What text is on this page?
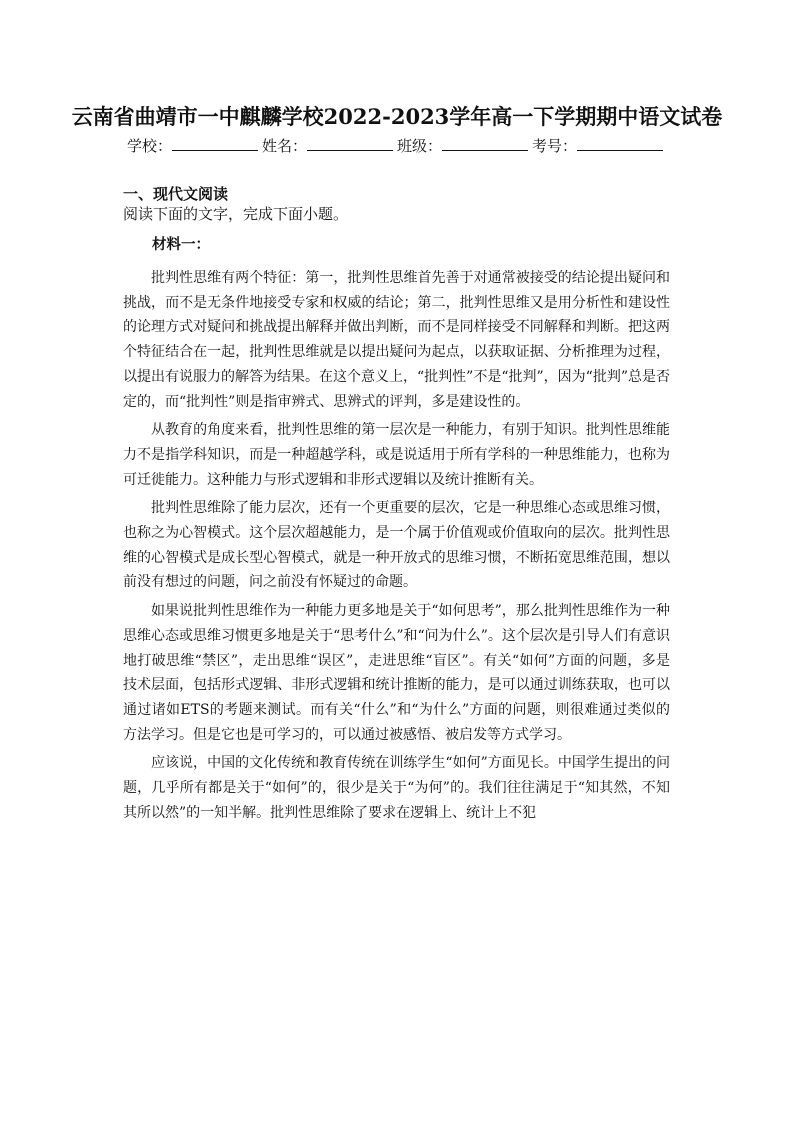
云南省曲靖市一中麒麟学校2022-2023学年高一下学期期中语文试卷
学校：	姓名：	班级：	考号：
一、现代文阅读
阅读下面的文字，完成下面小题。
材料一：

批判性思维有两个特征：第一，批判性思维首先善于对通常被接受的结论提出疑问和挑战，而不是无条件地接受专家和权威的结论；第二，批判性思维又是用分析性和建设性的论理方式对疑问和挑战提出解释并做出判断，而不是同样接受不同解释和判断。把这两个特征结合在一起，批判性思维就是以提出疑问为起点，以获取证据、分析推理为过程，以提出有说服力的解答为结果。在这个意义上，“批判性”不是“批判”，因为“批判”总是否定的，而“批判性”则是指审辨式、思辨式的评判，多是建设性的。

从教育的角度来看，批判性思维的第一层次是一种能力，有别于知识。批判性思维能力不是指学科知识，而是一种超越学科，或是说适用于所有学科的一种思维能力，也称为可迁徙能力。这种能力与形式逻辑和非形式逻辑以及统计推断有关。

批判性思维除了能力层次，还有一个更重要的层次，它是一种思维心态或思维习惯，也称之为心智模式。这个层次超越能力，是一个属于价值观或价值取向的层次。批判性思维的心智模式是成长型心智模式，就是一种开放式的思维习惯，不断拓宽思维范围，想以前没有想过的问题，问之前没有怀疑过的命题。

如果说批判性思维作为一种能力更多地是关于“如何思考”，那么批判性思维作为一种思维心态或思维习惯更多地是关于“思考什么”和“问为什么”。这个层次是引导人们有意识地打破思维“禁区”，走出思维“误区”，走进思维“盲区”。有关“如何”方面的问题，多是技术层面，包括形式逻辑、非形式逻辑和统计推断的能力，是可以通过训练获取，也可以通过诸如ETS的考题来测试。而有关“什么”和“为什么”方面的问题，则很难通过类似的方法学习。但是它也是可学习的，可以通过被感悟、被启发等方式学习。

应该说，中国的文化传统和教育传统在训练学生“如何”方面见长。中国学生提出的问题，几乎所有都是关于“如何”的，很少是关于“为何”的。我们往往满足于“知其然，不知其所以然”的一知半解。批判性思维除了要求在逻辑上、统计上不犯
